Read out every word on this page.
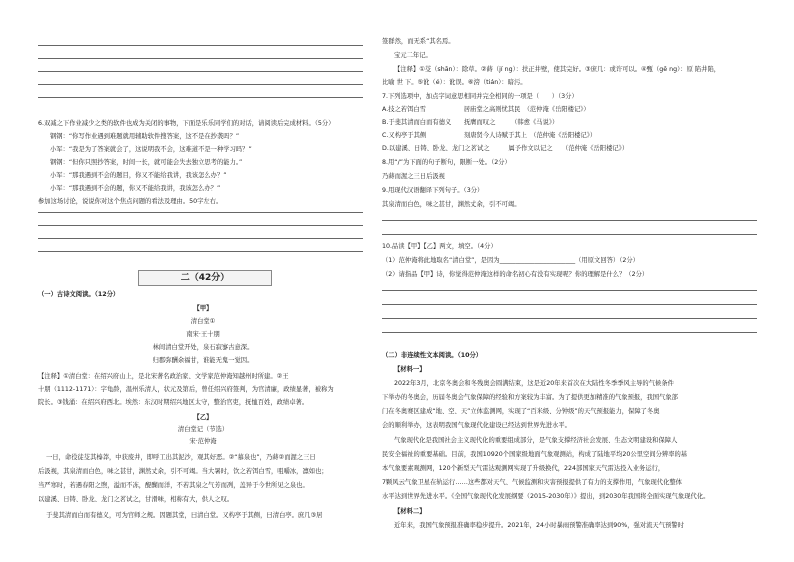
6.双减之下作业减少之类的软件也成为关闭的事物，下面是乐乐同学们的对话，请阅读后完成材料。（5分）
钢钢：“你写作业遇到难题就用辅助软件搜答案，这不是在抄袭吗？”
小军：“我是为了答案就会了，这说明我不会，这难道不是一种学习吗？”
钢钢：“但你只照抄答案，时间一长，就可能会失去独立思考的能力。”
小军：“那我遇到不会的题目，你又不能给我讲，我该怎么办？”
小军：“那我遇到不会的题，你又不能给我讲，我该怎么办？”
参加这场讨论，说说你对这个焦点问题的看法及理由。50字左右。
二（42分）
（一）古诗文阅读。（12分）
【甲】
清白堂①
南宋·王十朋
林间清白堂开处，泉石寂寥古意深。
归郡弥酬余福甘，谁能无鬼一觉因。
【注释】①清白堂：在绍兴府山上，是北宋著名政治家、文学家范仲淹知越州时所建。②王
十朋（1112-1171）：字龟龄，温州乐清人，状元及第后，曾任绍兴府签判，为官清廉，政绩显著，被称为
院长。③钱涌：在绍兴府西北。埃然：东汉时期绍兴地区太守，整治官吏，抚恤百姓，政绩卓著。
【乙】
清白堂记（节选）
宋·范仲淹
一日，命役徒芟其榛莽，中获废井，即呼工出其泥沙，观其好恶。②“慕泉也”，乃蒔②而渥之三日
后汲视，其泉清而白色，味之甚甘，渊然丈余，引不可竭。当大暑时，饮之若饵白雪，咀嚼冰，凛如也；
当严寒时，若遇春阳之煦，溢而不冻，醍醐而洋，不若其泉之气芳而冽，盖异于今世所见之泉也。
以建溪、日铸、卧龙、龙门之茗试之，甘滑味，相称有大，供人之叹。
于斐其清而白而有德义，可为官师之规。因题其堂，曰清白堂。又构亭于其侧，曰清白亭。庶几③居
签群然，而无系“其名焉。
宝元二年记。
【注释】①芟（shān）：除草。②蒔（jí ng）：扶正井壁，使其完好。③庶几：或许可以。④甄（gē ng）：原 陷井陷，
比喻 世 下。⑤讹（é）：讹误。⑥滂（tián）：暗污。
7.下列选项中，加点字词意思相同并完全相同的一项是（　　）（3分）
A.技之若饵白雪　　　　　　居庙堂之高则忧其民　（范仲淹《岳阳楼记》）
B.于斐其清而白而有德义　　抚膺而叹之　　　（韩愈《马说》）
C.又构亭于其侧　　　　　　刻唐贤今人诗赋于其上　（范仲淹《岳阳楼记》）
D.以建溪、日铸、卧龙、龙门之茗试之　　　属予作文以记之　　（范仲淹《岳阳楼记》）
8.用“/”为下面的句子断句，限断一处。（2分）
乃蒔而渥之三日后汲视
9.用现代汉语翻译下列句子。（3分）
其泉清而白色，味之甚甘，渊然丈余，引不可竭。
10.品读【甲】【乙】两文，填空。（4分）
（1）范仲淹将此地取名“清白堂”，是因为________________________（用原文回答）（2分）
（2）请指品【甲】诗，你觉得范仲淹这样的命名初心有没有实现呢？你的理解是什么？（2分）
（二）非连续性文本阅读。（10分）
【材料一】
2022年3月，北京冬奥会和冬残奥会圆满结束，这是近20年来首次在大陆性冬季季风主导的气候条件
下举办的冬奥会，历届冬奥会气象保障的经验和方案较为丰富。为了提供更加精准的气象预报，我国气象部
门在冬奥赛区建成“地、空、天”立体监测网，实现了“百米级、分钟级”的天气预报能力，保障了冬奥
会的顺利举办，这表明我国气象现代化建设已经达到世界先进水平。
气象现代化是我国社会主义现代化的重要组成部分，是气象支撑经济社会发展、生态文明建设和保障人
民安全福祉的重要基础。目前，我国10920个国家级地面气象观测站，构成了陆地平均20公里空间分辨率的基
本气象要素观测网，120个新型天气雷达观测网实现了升级换代，224部国家天气雷达投入业务运行，
7颗风云气象卫星在轨运行……这些都对天气、气候监测和灾害预报提供了有力的支撑作用，气象现代化整体
水平达到世界先进水平。《全国气象现代化发展纲要（2015-2030年）》提出，到2030年我国将全面实现气象现代化。
【材料二】
近年来，我国气象预报准确率稳步提升。2021年，24小时暴雨预警准确率达到90%，强对流天气预警时
